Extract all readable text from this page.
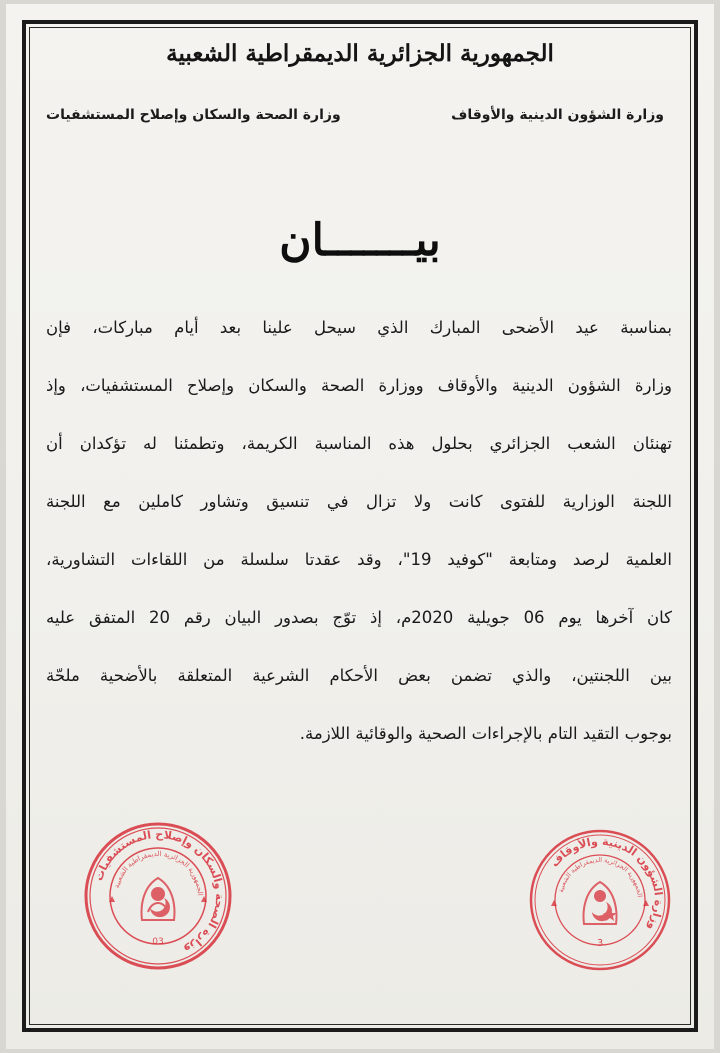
الجمهورية الجزائرية الديمقراطية الشعبية
وزارة الشؤون الدينية والأوقاف
وزارة الصحة والسكان وإصلاح المستشفيات
بيـــــــان

بمناسبة عيد الأضحى المبارك الذي سيحل علينا بعد أيام مباركات، فإن

وزارة الشؤون الدينية والأوقاف ووزارة الصحة والسكان وإصلاح المستشفيات، وإذ

تهنئان الشعب الجزائري بحلول هذه المناسبة الكريمة، وتطمئنا له تؤكدان أن

اللجنة الوزارية للفتوى كانت ولا تزال في تنسيق وتشاور كاملين مع اللجنة

العلمية لرصد ومتابعة "كوفيد 19"، وقد عقدتا سلسلة من اللقاءات التشاورية،

كان آخرها يوم 06 جويلية 2020م، إذ توّج بصدور البيان رقم 20 المتفق عليه

بين اللجنتين، والذي تضمن بعض الأحكام الشرعية المتعلقة بالأضحية ملحّة

بوجوب التقيد التام بالإجراءات الصحية والوقائية اللازمة.

وزارة الصحة والسكان وإصلاح المستشفيات
الجمهورية الجزائرية الديمقراطية الشعبية
03
وزارة الشؤون الدينية والأوقاف
الجمهورية الجزائرية الديمقراطية الشعبية
3
